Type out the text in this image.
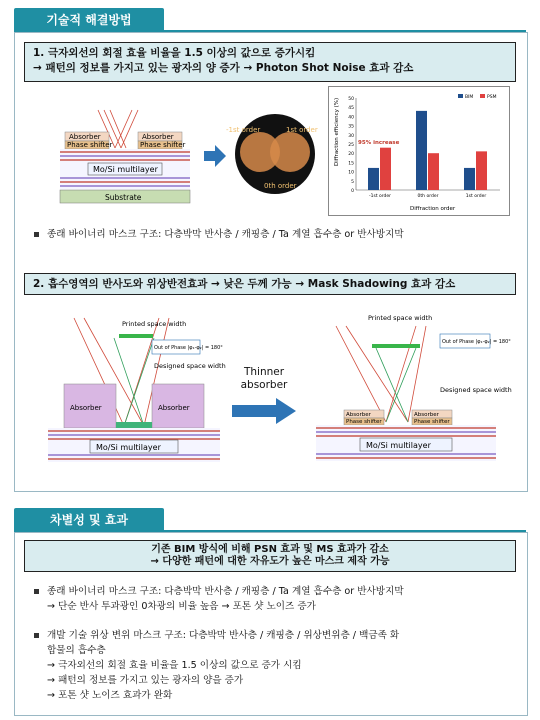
기술적 해결방법
1. 극자외선의 회절 효율 비율을 1.5 이상의 값으로 증가시킴
→ 패턴의 정보를 가지고 있는 광자의 양 증가 → Photon Shot Noise 효과 감소
Absorber	Absorber
Phase shifter	Phase shifter
Mo/Si multilayer
Substrate
-1st order	1st order
0th order
0
5
10
15
20
25
30
35
40
45
50
-1st order	0th order	1st order
BIM	PSM
Diffraction efficiency (%)
Diffraction order
95% increase
종래 바이너리 마스크 구조: 다층박막 반사층 / 캐핑층 / Ta 계열 흡수층 or 반사방지막
2. 흡수영역의 반사도와 위상반전효과 → 낮은 두께 가능 → Mask Shadowing 효과 감소
Printed space width
Out of Phase |φ₁-φ₂| = 180°
Designed space width
Absorber	Absorber
Mo/Si multilayer
Thinner absorber
Printed space width
Out of Phase |φ₁-φ₂| = 180°
Designed space width
Absorber	Absorber
Phase shifter	Phase shifter
Mo/Si multilayer
차별성 및 효과
기존 BIM 방식에 비해 PSN 효과 및 MS 효과가 감소
→ 다양한 패턴에 대한 자유도가 높은 마스크 제작 가능
종래 바이너리 마스크 구조: 다층박막 반사층 / 캐핑층 / Ta 계열 흡수층 or 반사방지막
→ 단순 반사 투과광인 0차광의 비율 높음 → 포톤 샷 노이즈 증가
개발 기술 위상 변위 마스크 구조: 다층박막 반사층 / 캐핑층 / 위상변위층 / 백금족 화
합물의 흡수층
→ 극자외선의 회절 효율 비율을 1.5 이상의 값으로 증가 시킴
→ 패턴의 정보를 가지고 있는 광자의 양을 증가
→ 포톤 샷 노이즈 효과가 완화
